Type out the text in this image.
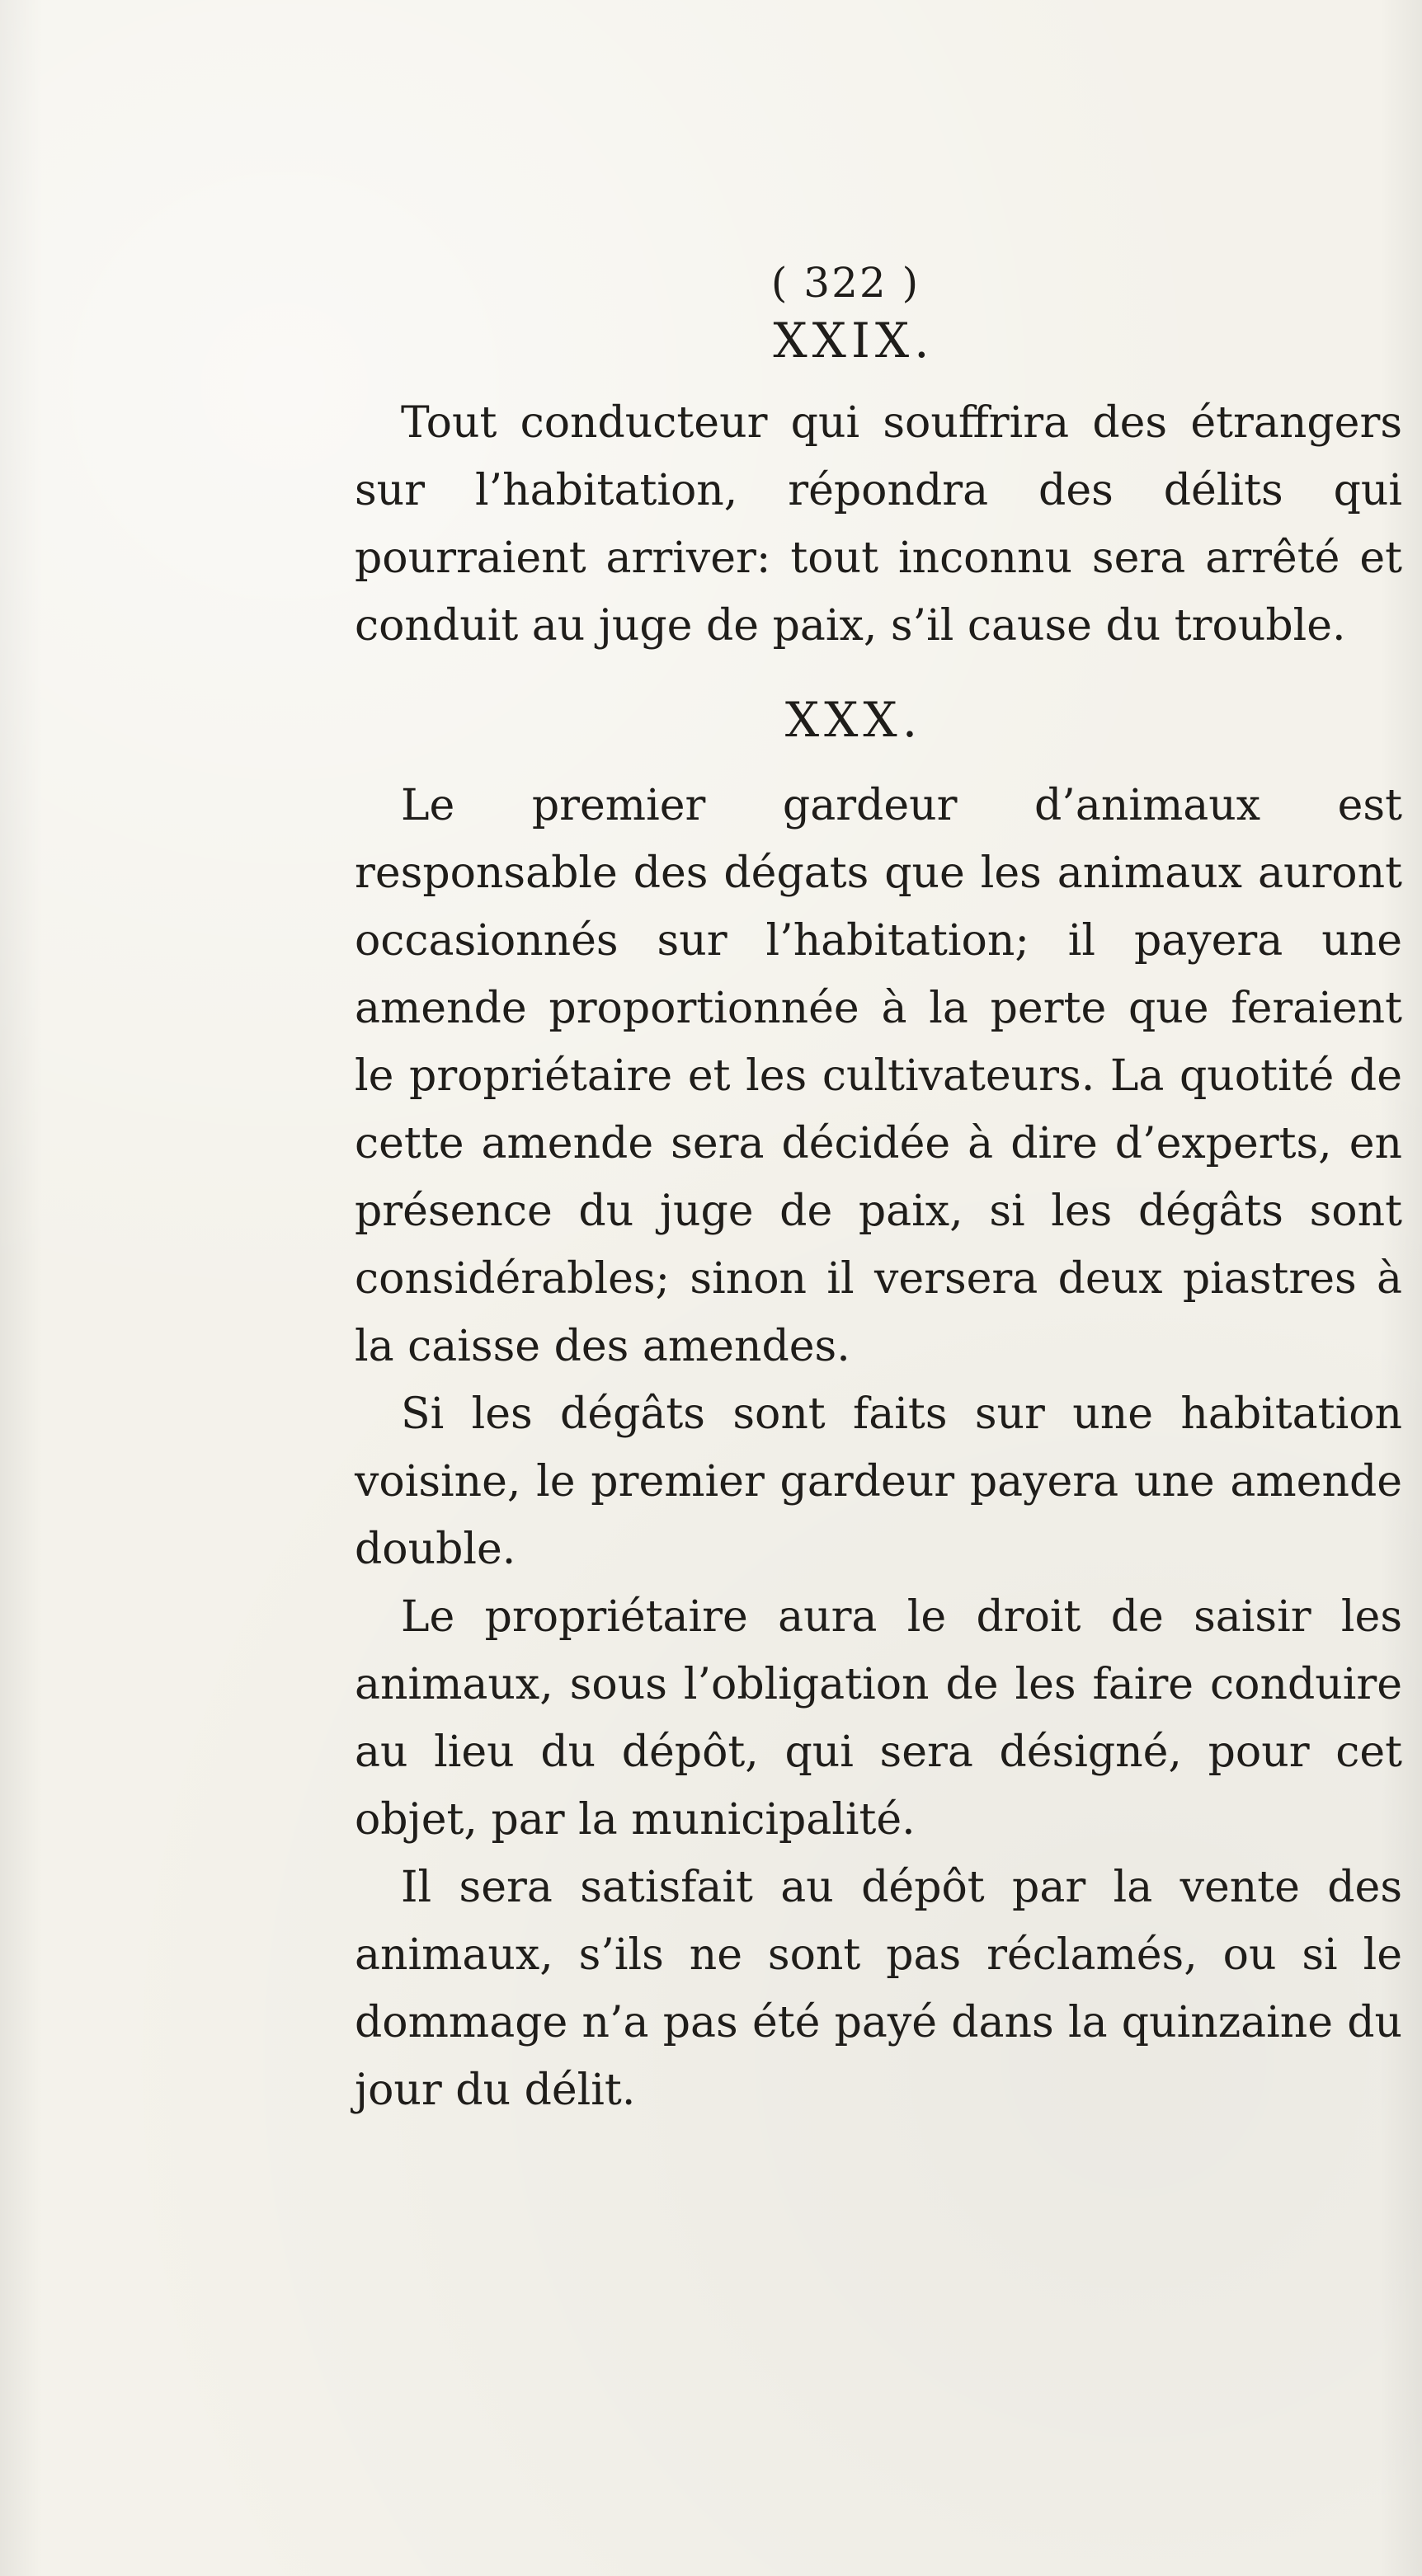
( 322 )
XXIX.

Tout conducteur qui souffrira des étrangers sur l’habitation, répondra des délits qui pourraient arriver: tout inconnu sera arrêté et conduit au juge de paix, s’il cause du trouble.

XXX.

Le premier gardeur d’animaux est responsable des dégats que les animaux auront occasionnés sur l’habitation; il payera une amende proportionnée à la perte que feraient le propriétaire et les cultivateurs. La quotité de cette amende sera décidée à dire d’experts, en présence du juge de paix, si les dégâts sont considérables; sinon il versera deux piastres à la caisse des amendes.

Si les dégâts sont faits sur une habitation voisine, le premier gardeur payera une amende double.

Le propriétaire aura le droit de saisir les animaux, sous l’obligation de les faire conduire au lieu du dépôt, qui sera désigné, pour cet objet, par la municipalité.

Il sera satisfait au dépôt par la vente des animaux, s’ils ne sont pas réclamés, ou si le dommage n’a pas été payé dans la quinzaine du jour du délit.
